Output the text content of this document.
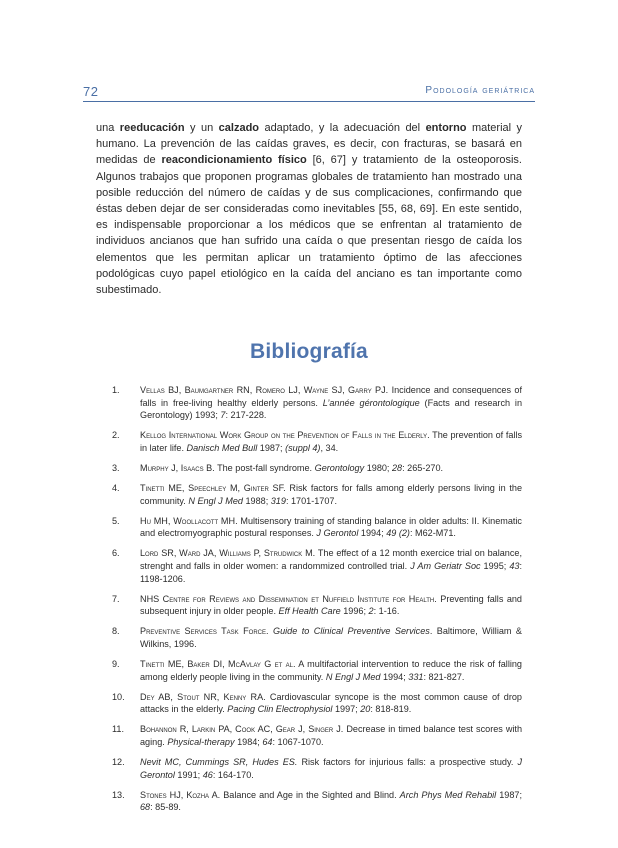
72	Podología geriátrica
una reeducación y un calzado adaptado, y la adecuación del entorno material y humano. La prevención de las caídas graves, es decir, con fracturas, se basará en medidas de reacondicionamiento físico [6, 67] y tratamiento de la osteoporosis. Algunos trabajos que proponen programas globales de tratamiento han mostrado una posible reducción del número de caídas y de sus complicaciones, confirmando que éstas deben dejar de ser consideradas como inevitables [55, 68, 69]. En este sentido, es indispensable proporcionar a los médicos que se enfrentan al tratamiento de individuos ancianos que han sufrido una caída o que presentan riesgo de caída los elementos que les permitan aplicar un tratamiento óptimo de las afecciones podológicas cuyo papel etiológico en la caída del anciano es tan importante como subestimado.
Bibliografía
1. Vellas BJ, Baumgartner RN, Romero LJ, Wayne SJ, Garry PJ. Incidence and consequences of falls in free-living healthy elderly persons. L’année gérontologique (Facts and research in Gerontology) 1993; 7: 217-228.
2. Kellog International Work Group on the Prevention of Falls in the Elderly. The prevention of falls in later life. Danisch Med Bull 1987; (suppl 4), 34.
3. Murphy J, Isaacs B. The post-fall syndrome. Gerontology 1980; 28: 265-270.
4. Tinetti ME, Speechley M, Ginter SF. Risk factors for falls among elderly persons living in the community. N Engl J Med 1988; 319: 1701-1707.
5. Hu MH, Woollacott MH. Multisensory training of standing balance in older adults: II. Kinematic and electromyographic postural responses. J Gerontol 1994; 49 (2): M62-M71.
6. Lord SR, Ward JA, Williams P, Strudwick M. The effect of a 12 month exercice trial on balance, strenght and falls in older women: a randommized controlled trial. J Am Geriatr Soc 1995; 43: 1198-1206.
7. NHS Centre for Reviews and Dissemination et Nuffield Institute for Health. Preventing falls and subsequent injury in older people. Eff Health Care 1996; 2: 1-16.
8. Preventive Services Task Force. Guide to Clinical Preventive Services. Baltimore, William & Wilkins, 1996.
9. Tinetti ME, Baker DI, McAvlay G et al. A multifactorial intervention to reduce the risk of falling among elderly people living in the community. N Engl J Med 1994; 331: 821-827.
10. Dey AB, Stout NR, Kenny RA. Cardiovascular syncope is the most common cause of drop attacks in the elderly. Pacing Clin Electrophysiol 1997; 20: 818-819.
11. Bohannon R, Larkin PA, Cook AC, Gear J, Singer J. Decrease in timed balance test scores with aging. Physical-therapy 1984; 64: 1067-1070.
12. Nevit MC, Cummings SR, Hudes ES. Risk factors for injurious falls: a prospective study. J Gerontol 1991; 46: 164-170.
13. Stones HJ, Kozha A. Balance and Age in the Sighted and Blind. Arch Phys Med Rehabil 1987; 68: 85-89.
